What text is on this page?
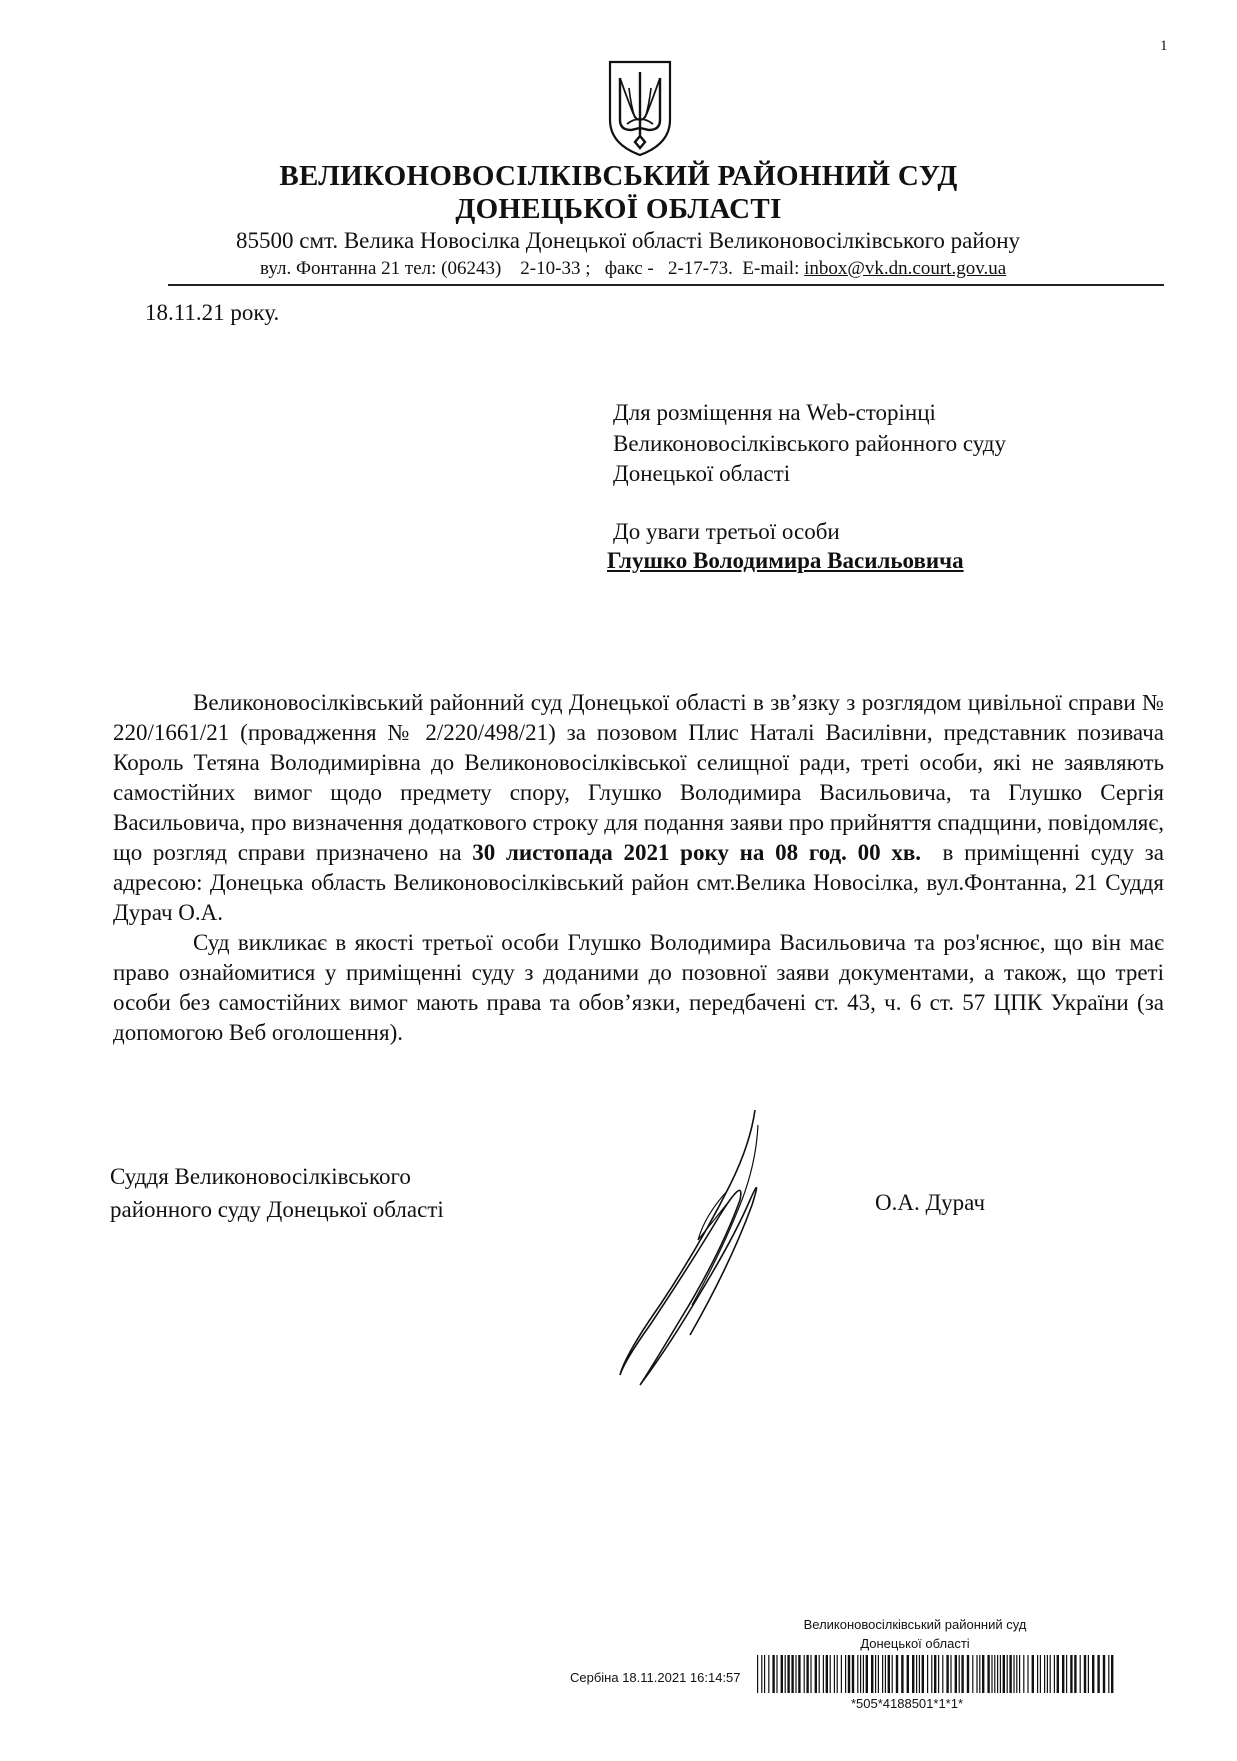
1
ВЕЛИКОНОВОСІЛКІВСЬКИЙ РАЙОННИЙ СУД
ДОНЕЦЬКОЇ ОБЛАСТІ
85500 смт. Велика Новосілка Донецької області Великоновосілківського району
вул. Фонтанна 21 тел: (06243)    2-10-33 ;   факс -   2-17-73.  E-mail: inbox@vk.dn.court.gov.ua
18.11.21 року.
Для розміщення на Web-сторінці
Великоновосілківського районного суду
Донецької області
До уваги третьої особи
Глушко Володимира Васильовича

Великоновосілківський районний суд Донецької області в зв’язку з розглядом цивільної справи № 220/1661/21 (провадження № 2/220/498/21) за позовом Плис Наталі Василівни, представник позивача Король Тетяна Володимирівна до Великоновосілківської селищної ради, треті особи, які не заявляють самостійних вимог щодо предмету спору, Глушко Володимира Васильовича, та Глушко Сергія Васильовича, про визначення додаткового строку для подання заяви про прийняття спадщини, повідомляє, що розгляд справи призначено на 30 листопада 2021 року на 08 год. 00 хв.  в приміщенні суду за адресою: Донецька область Великоновосілківський район смт.Велика Новосілка, вул.Фонтанна, 21 Суддя Дурач О.А.

Суд викликає в якості третьої особи Глушко Володимира Васильовича та роз'яснює, що він має право ознайомитися у приміщенні суду з доданими до позовної заяви документами, а також, що треті особи без самостійних вимог мають права та обов’язки, передбачені ст. 43, ч. 6 ст. 57 ЦПК України (за допомогою Веб оголошення).

Суддя Великоновосілківського
районного суду Донецької області	О.А. Дурач
Великоновосілківський районний суд
Донецької області
Сербіна 18.11.2021 16:14:57
*505*4188501*1*1*
